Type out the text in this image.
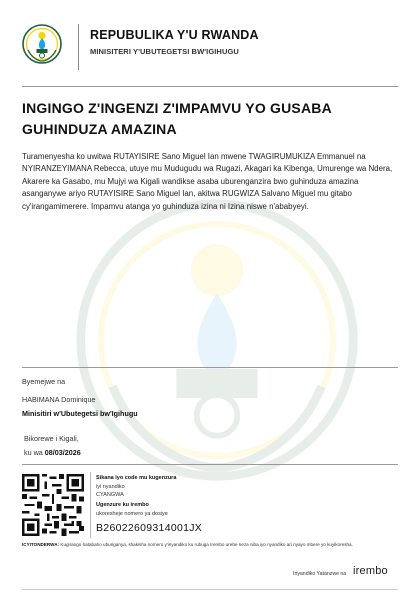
REPUBULIKA Y'U RWANDA
MINISITERI Y'UBUTEGETSI BW'IGIHUGU
INGINGO Z'INGENZI Z'IMPAMVU YO GUSABA
GUHINDUZA AMAZINA
Turamenyesha ko uwitwa RUTAYISIRE Sano Miguel Ian mwene TWAGIRUMUKIZA Emmanuel na NYIRANZEYIMANA Rebecca, utuye mu Mudugudu wa Rugazi, Akagari ka Kibenga, Umurenge wa Ndera, Akarere ka Gasabo, mu Mujyi wa Kigali wandikse asaba uburenganzira bwo guhinduza amazina asanganywe ariyo RUTAYISIRE Sano Miguel Ian, akitwa RUGWIZA Salvano Miguel mu gitabo cy'irangamimerere. Impamvu atanga yo guhinduza izina ni Izina niswe n'ababyeyi.
Byemejwe na
HABIMANA Dominique
Minisitiri w'Ubutegetsi bw'Igihugu
Bikorewe i Kigali,
ku wa 08/03/2026
Sikana iyo code mu kugenzura
iyi nyandiko
CYANGWA
Ugenzure ku irembo
ukoresheje nomero ya dosiye
B26022609314001JX
ICYITONDERWA: Kugirango hatabaho uburiganya, shakisha nomero y'inyandiko ku rubuga Irembo urebe neza niba iyo nyandiko ari nyayo mbere yo kuyikoresha.
Inyandiko Yatanzwe na irembo
